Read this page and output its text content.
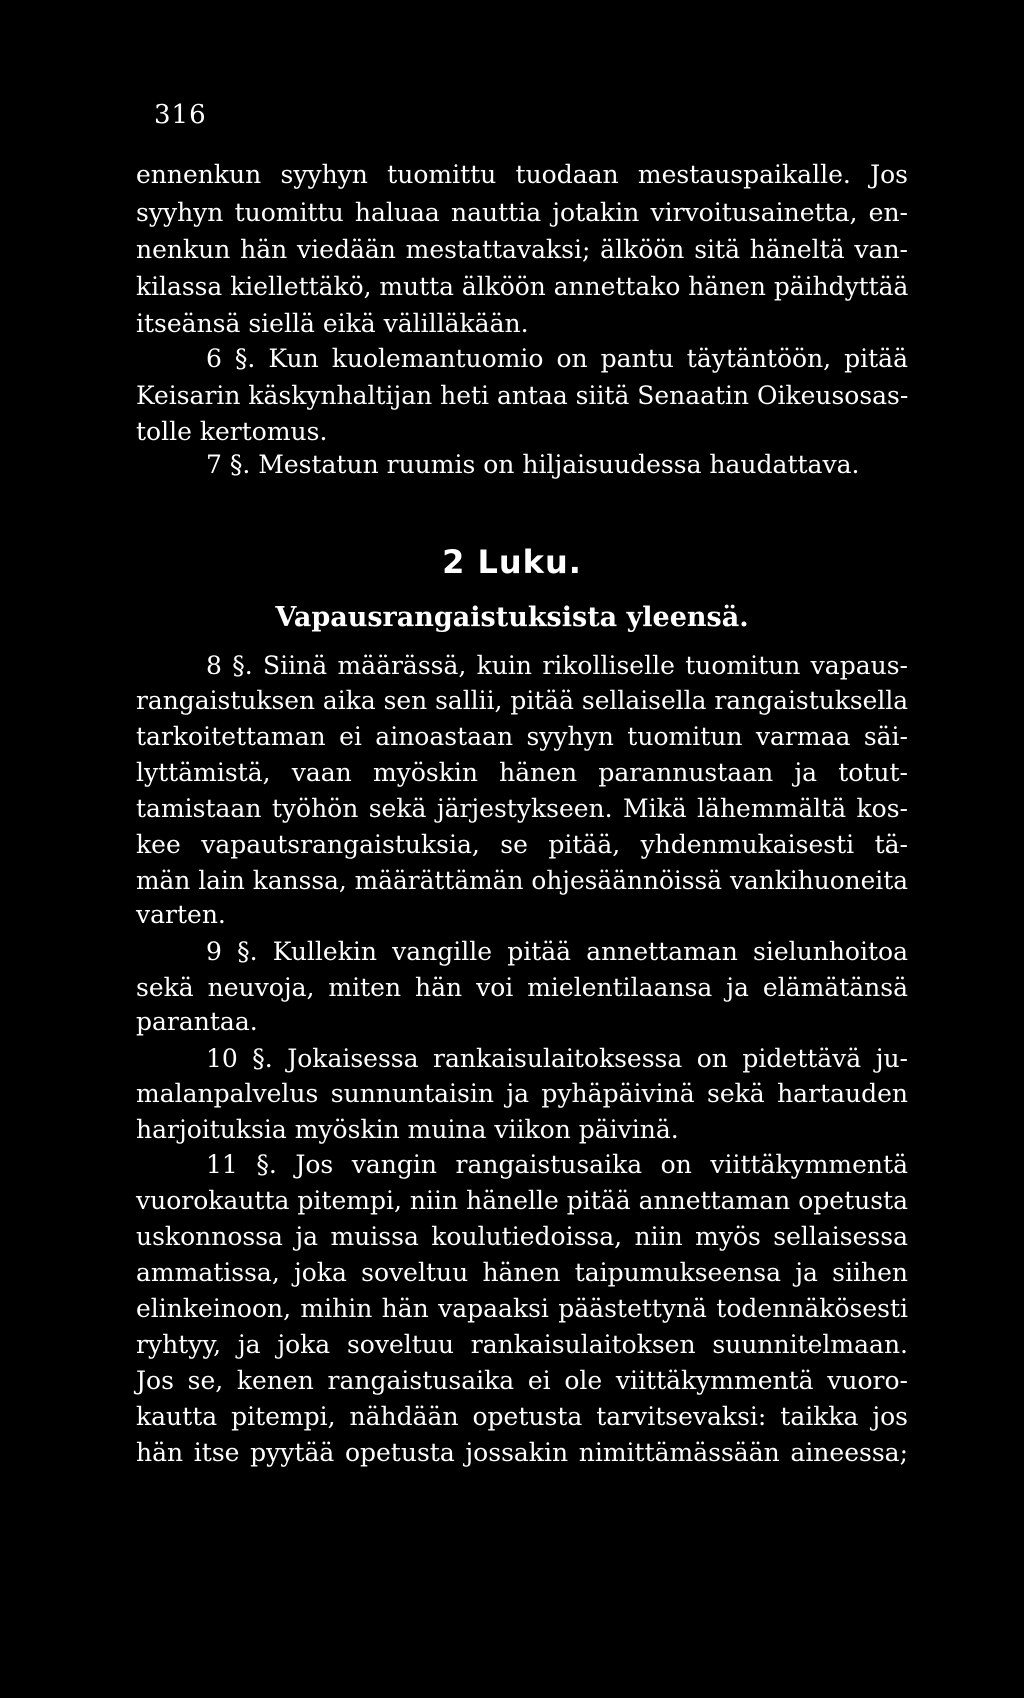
316
ennenkun syyhyn tuomittu tuodaan mestauspaikalle. Jos
syyhyn tuomittu haluaa nauttia jotakin virvoitusainetta, en-
nenkun hän viedään mestattavaksi; älköön sitä häneltä van-
kilassa kiellettäkö, mutta älköön annettako hänen päihdyttää
itseänsä siellä eikä välilläkään.
6 §. Kun kuolemantuomio on pantu täytäntöön, pitää
Keisarin käskynhaltijan heti antaa siitä Senaatin Oikeusosas-
tolle kertomus.
7 §. Mestatun ruumis on hiljaisuudessa haudattava.
2 Luku.
Vapausrangaistuksista yleensä.
8 §. Siinä määrässä, kuin rikolliselle tuomitun vapaus-
rangaistuksen aika sen sallii, pitää sellaisella rangaistuksella
tarkoitettaman ei ainoastaan syyhyn tuomitun varmaa säi-
lyttämistä, vaan myöskin hänen parannustaan ja totut-
tamistaan työhön sekä järjestykseen. Mikä lähemmältä kos-
kee vapautsrangaistuksia, se pitää, yhdenmukaisesti tä-
män lain kanssa, määrättämän ohjesäännöissä vankihuoneita
varten.
9 §. Kullekin vangille pitää annettaman sielunhoitoa
sekä neuvoja, miten hän voi mielentilaansa ja elämätänsä
parantaa.
10 §. Jokaisessa rankaisulaitoksessa on pidettävä ju-
malanpalvelus sunnuntaisin ja pyhäpäivinä sekä hartauden
harjoituksia myöskin muina viikon päivinä.
11 §. Jos vangin rangaistusaika on viittäkymmentä
vuorokautta pitempi, niin hänelle pitää annettaman opetusta
uskonnossa ja muissa koulutiedoissa, niin myös sellaisessa
ammatissa, joka soveltuu hänen taipumukseensa ja siihen
elinkeinoon, mihin hän vapaaksi päästettynä todennäkösesti
ryhtyy, ja joka soveltuu rankaisulaitoksen suunnitelmaan.
Jos se, kenen rangaistusaika ei ole viittäkymmentä vuoro-
kautta pitempi, nähdään opetusta tarvitsevaksi: taikka jos
hän itse pyytää opetusta jossakin nimittämässään aineessa;
